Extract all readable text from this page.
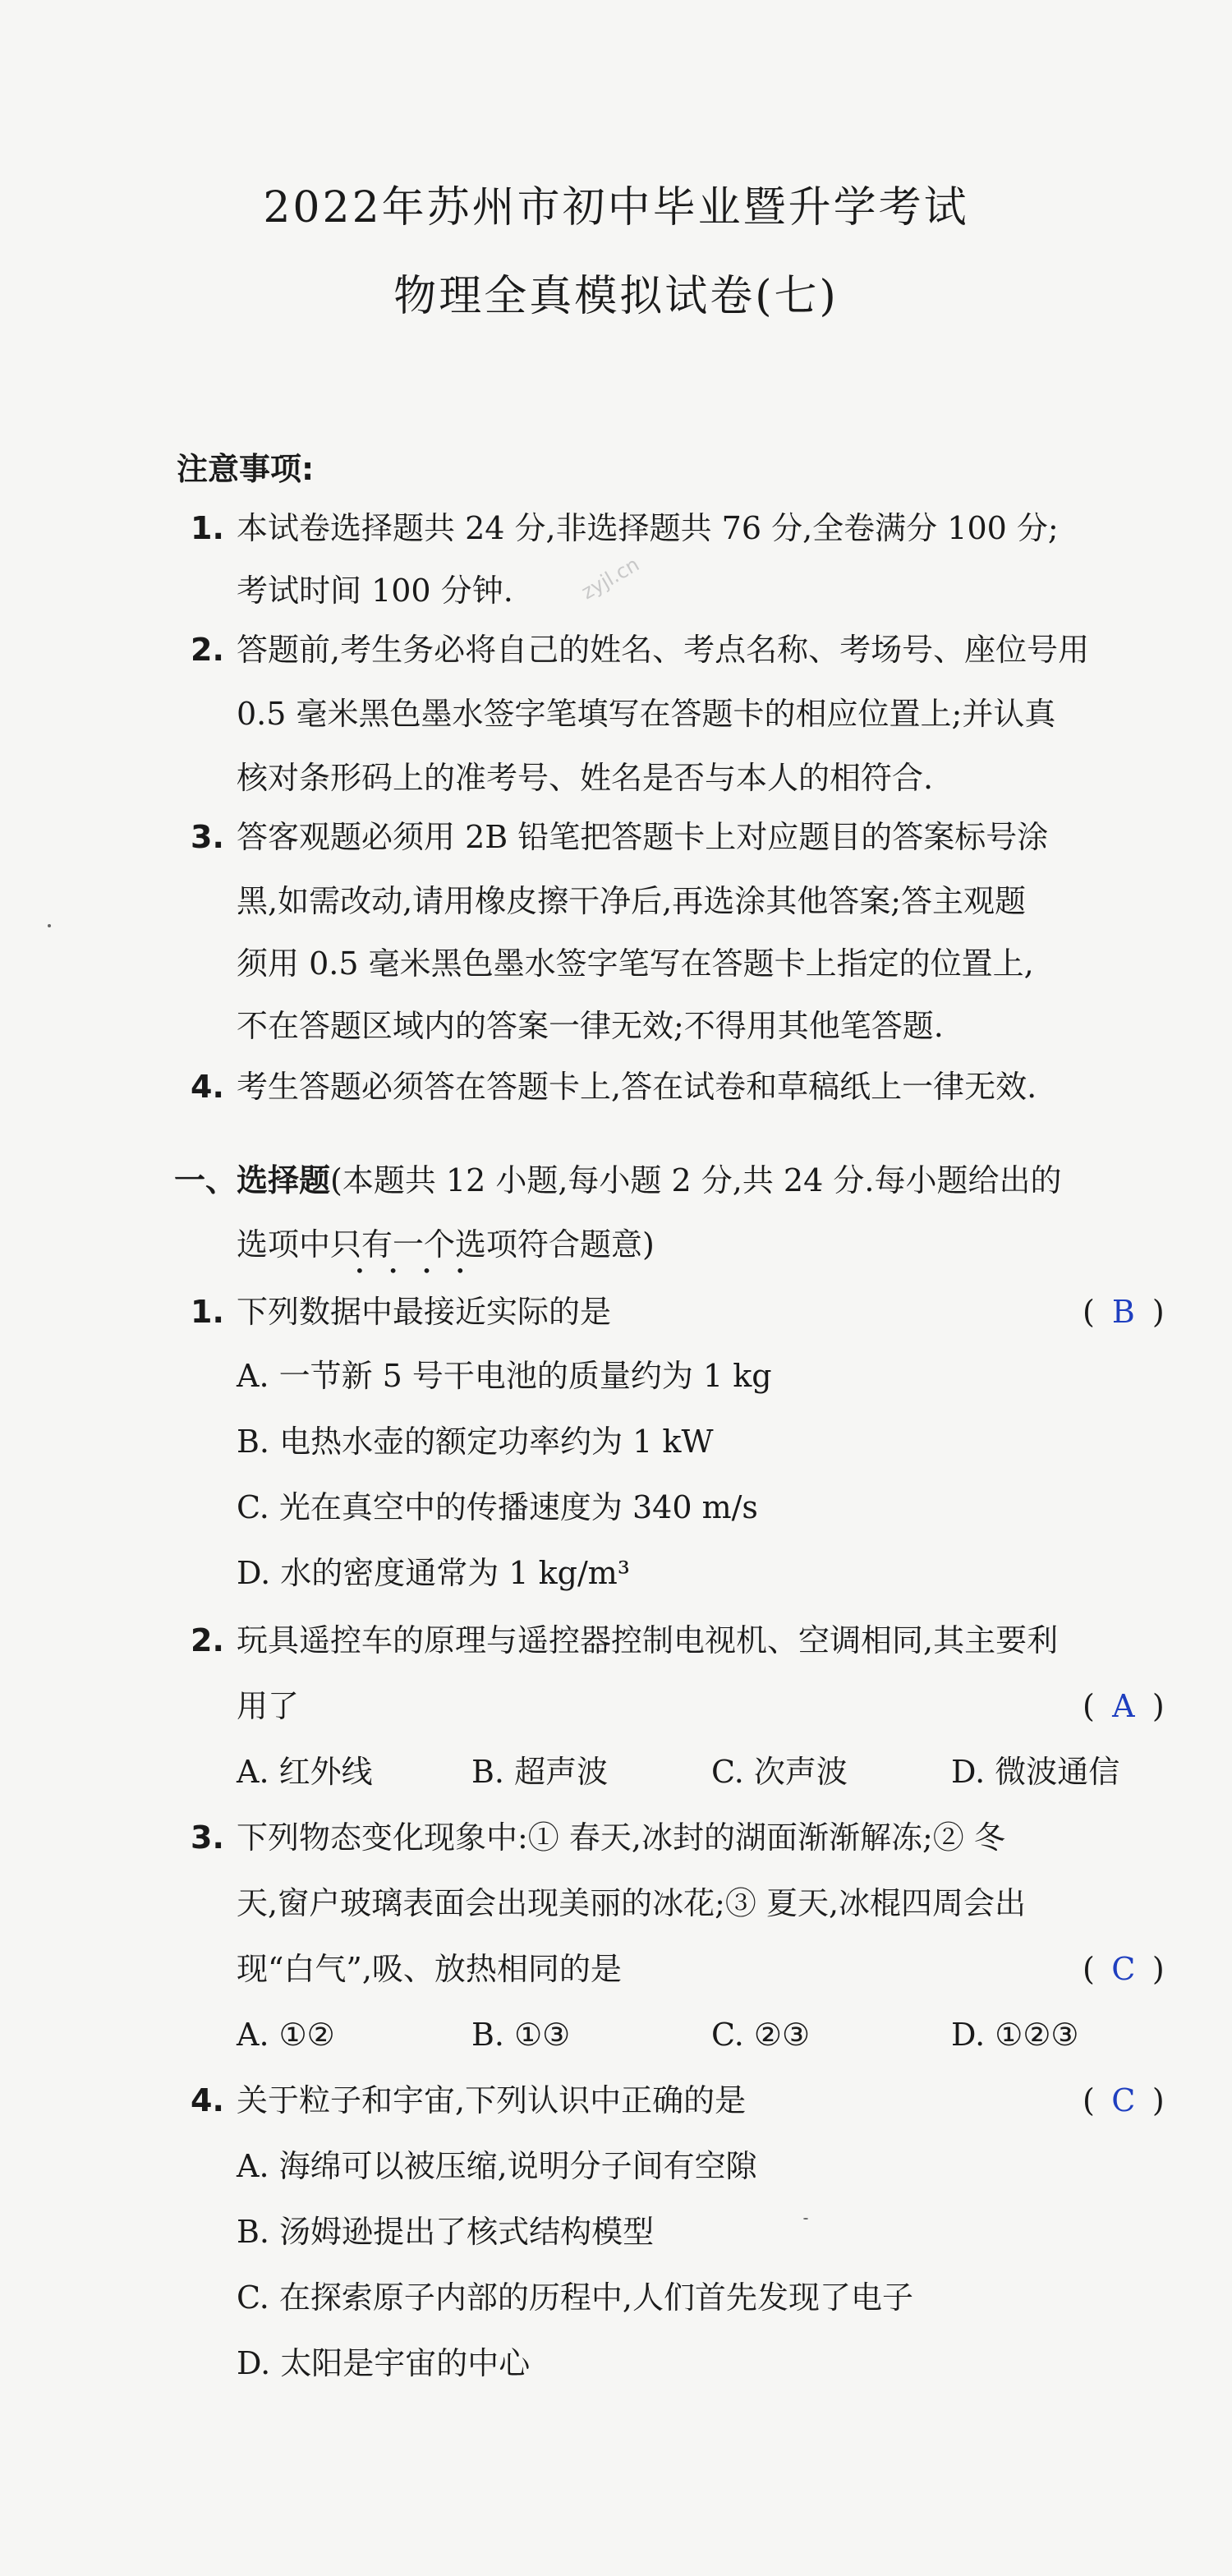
2022年苏州市初中毕业暨升学考试
物理全真模拟试卷(七)
zyjl.cn
注意事项:
1. 本试卷选择题共 24 分,非选择题共 76 分,全卷满分 100 分;
考试时间 100 分钟.
2. 答题前,考生务必将自己的姓名、考点名称、考场号、座位号用
0.5 毫米黑色墨水签字笔填写在答题卡的相应位置上;并认真
核对条形码上的准考号、姓名是否与本人的相符合.
3. 答客观题必须用 2B 铅笔把答题卡上对应题目的答案标号涂
黑,如需改动,请用橡皮擦干净后,再选涂其他答案;答主观题
须用 0.5 毫米黑色墨水签字笔写在答题卡上指定的位置上,
不在答题区域内的答案一律无效;不得用其他笔答题.
4. 考生答题必须答在答题卡上,答在试卷和草稿纸上一律无效.
一、选择题(本题共 12 小题,每小题 2 分,共 24 分.每小题给出的
选项中只有一个选项符合题意)
••••
1. 下列数据中最接近实际的是	( B )
A. 一节新 5 号干电池的质量约为 1 kg
B. 电热水壶的额定功率约为 1 kW
C. 光在真空中的传播速度为 340 m/s
D. 水的密度通常为 1 kg/m³
2. 玩具遥控车的原理与遥控器控制电视机、空调相同,其主要利
用了	( A )
A. 红外线	B. 超声波	C. 次声波	D. 微波通信
3. 下列物态变化现象中:① 春天,冰封的湖面渐渐解冻;② 冬
天,窗户玻璃表面会出现美丽的冰花;③ 夏天,冰棍四周会出
现“白气”,吸、放热相同的是	( C )
A. ①②	B. ①③	C. ②③	D. ①②③
4. 关于粒子和宇宙,下列认识中正确的是	( C )
A. 海绵可以被压缩,说明分子间有空隙
B. 汤姆逊提出了核式结构模型
C. 在探索原子内部的历程中,人们首先发现了电子
D. 太阳是宇宙的中心
